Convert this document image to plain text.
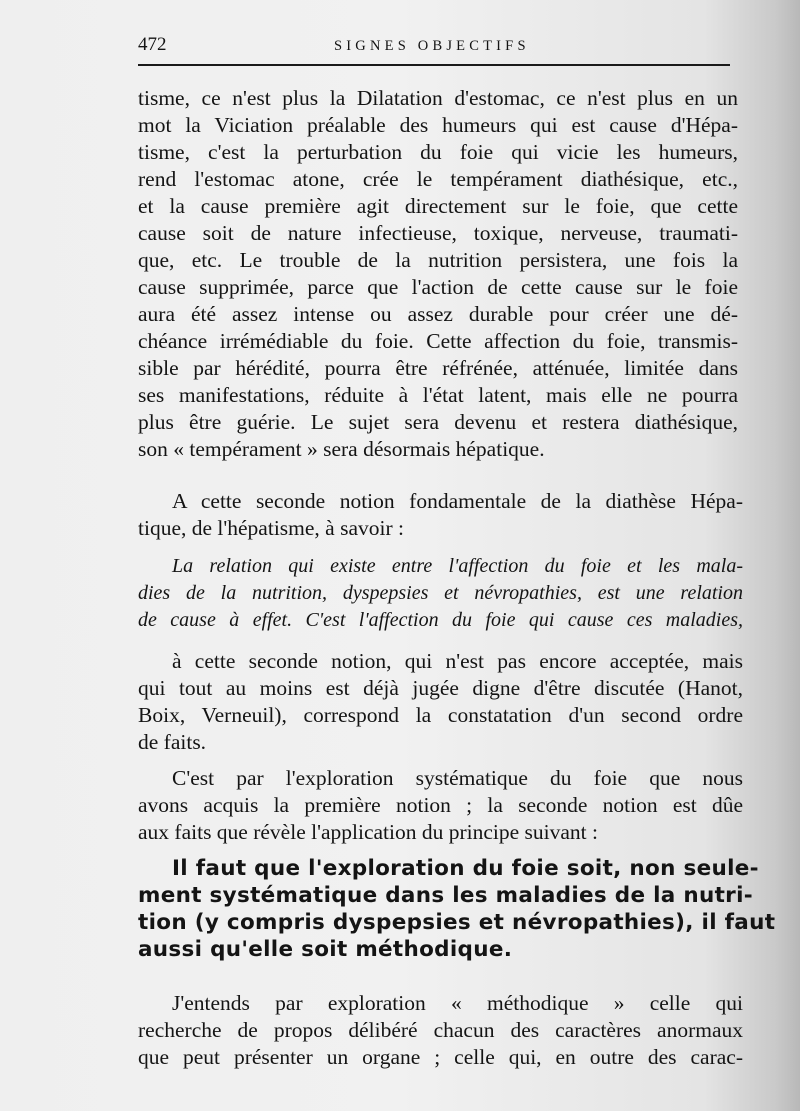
472	SIGNES OBJECTIFS
tisme, ce n'est plus la Dilatation d'estomac, ce n'est plus en un
mot la Viciation préalable des humeurs qui est cause d'Hépa-
tisme, c'est la perturbation du foie qui vicie les humeurs,
rend l'estomac atone, crée le tempérament diathésique, etc.,
et la cause première agit directement sur le foie, que cette
cause soit de nature infectieuse, toxique, nerveuse, traumati-
que, etc. Le trouble de la nutrition persistera, une fois la
cause supprimée, parce que l'action de cette cause sur le foie
aura été assez intense ou assez durable pour créer une dé-
chéance irrémédiable du foie. Cette affection du foie, transmis-
sible par hérédité, pourra être réfrénée, atténuée, limitée dans
ses manifestations, réduite à l'état latent, mais elle ne pourra
plus être guérie. Le sujet sera devenu et restera diathésique,
son « tempérament » sera désormais hépatique.
A cette seconde notion fondamentale de la diathèse Hépa-
tique, de l'hépatisme, à savoir :
La relation qui existe entre l'affection du foie et les mala-
dies de la nutrition, dyspepsies et névropathies, est une relation
de cause à effet. C'est l'affection du foie qui cause ces maladies,
à cette seconde notion, qui n'est pas encore acceptée, mais
qui tout au moins est déjà jugée digne d'être discutée (Hanot,
Boix, Verneuil), correspond la constatation d'un second ordre
de faits.
C'est par l'exploration systématique du foie que nous
avons acquis la première notion ; la seconde notion est dûe
aux faits que révèle l'application du principe suivant :
Il faut que l'exploration du foie soit, non seule-
ment systématique dans les maladies de la nutri-
tion (y compris dyspepsies et névropathies), il faut
aussi qu'elle soit méthodique.
J'entends par exploration « méthodique » celle qui
recherche de propos délibéré chacun des caractères anormaux
que peut présenter un organe ; celle qui, en outre des carac-
